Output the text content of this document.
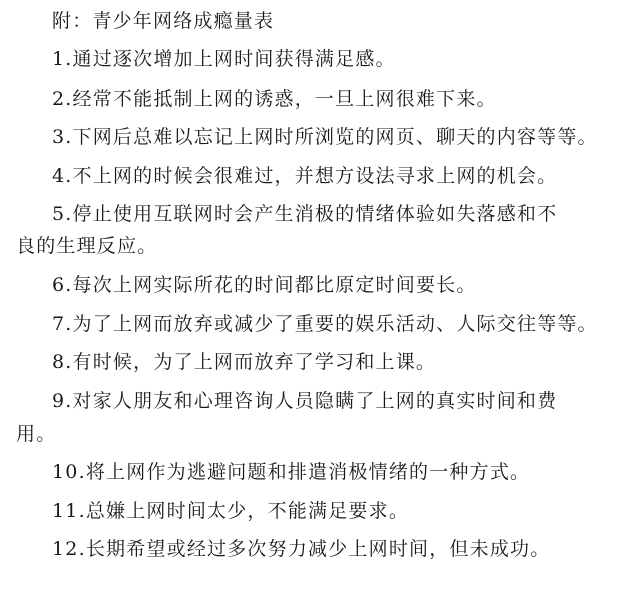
附：青少年网络成瘾量表
1.通过逐次增加上网时间获得满足感。
2.经常不能抵制上网的诱惑，一旦上网很难下来。
3.下网后总难以忘记上网时所浏览的网页、聊天的内容等等。
4.不上网的时候会很难过，并想方设法寻求上网的机会。
5.停止使用互联网时会产生消极的情绪体验如失落感和不
良的生理反应。
6.每次上网实际所花的时间都比原定时间要长。
7.为了上网而放弃或减少了重要的娱乐活动、人际交往等等。
8.有时候，为了上网而放弃了学习和上课。
9.对家人朋友和心理咨询人员隐瞒了上网的真实时间和费
用。
10.将上网作为逃避问题和排遣消极情绪的一种方式。
11.总嫌上网时间太少，不能满足要求。
12.长期希望或经过多次努力减少上网时间，但未成功。
